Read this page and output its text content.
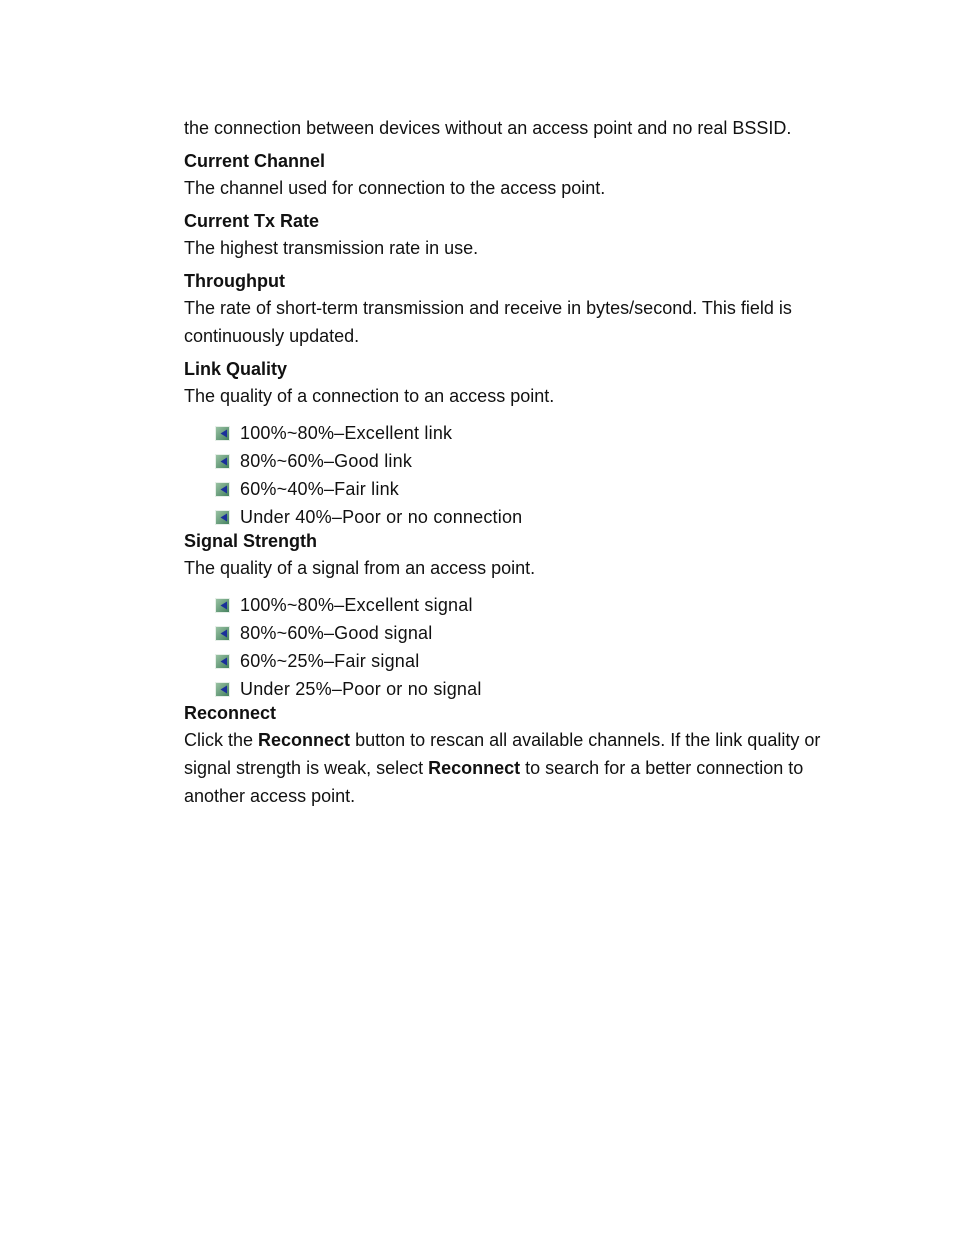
the connection between devices without an access point and no real BSSID.

Current Channel

The channel used for connection to the access point.

Current Tx Rate

The highest transmission rate in use.

Throughput

The rate of short-term transmission and receive in bytes/second. This field is continuously updated.

Link Quality

The quality of a connection to an access point.

100%~80%–Excellent link
80%~60%–Good link
60%~40%–Fair link
Under 40%–Poor or no connection
Signal Strength

The quality of a signal from an access point.

100%~80%–Excellent signal
80%~60%–Good signal
60%~25%–Fair signal
Under 25%–Poor or no signal
Reconnect

Click the Reconnect button to rescan all available channels. If the link quality or signal strength is weak, select Reconnect to search for a better connection to another access point.
